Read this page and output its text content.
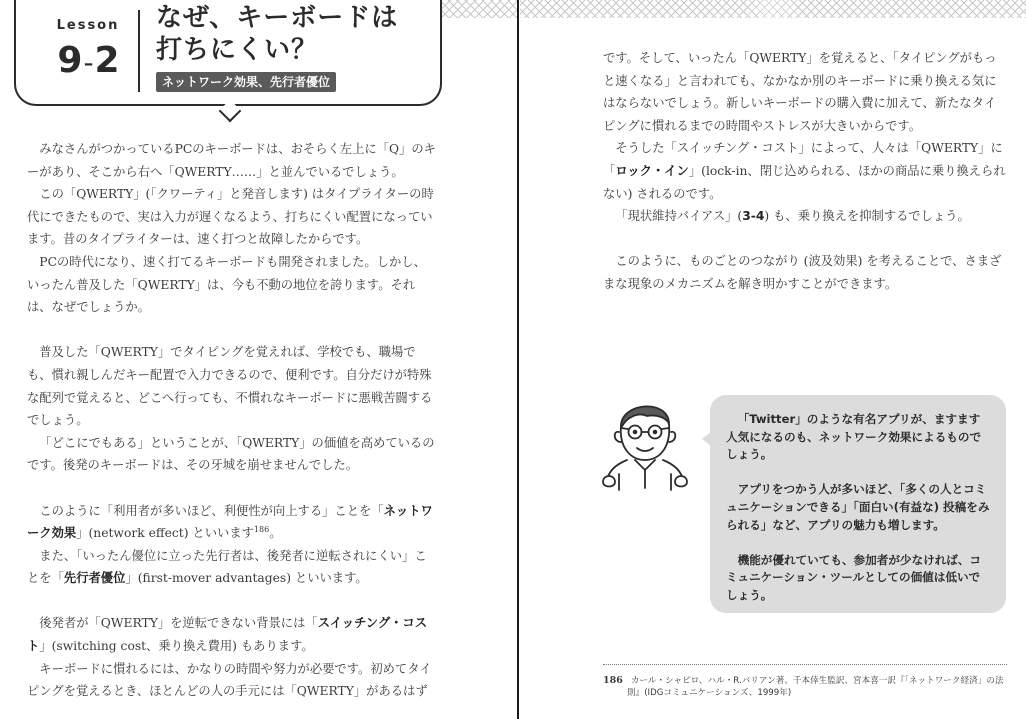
Lesson
9-2
なぜ、キーボードは
打ちにくい？
ネットワーク効果、先行者優位

みなさんがつかっているPCのキーボードは、おそらく左上に「Q」のキーがあり、そこから右へ「QWERTY……」と並んでいるでしょう。

この「QWERTY」(「クワーティ」と発音します) はタイプライターの時代にできたもので、実は入力が遅くなるよう、打ちにくい配置になっています。昔のタイプライターは、速く打つと故障したからです。

PCの時代になり、速く打てるキーボードも開発されました。しかし、いったん普及した「QWERTY」は、今も不動の地位を誇ります。それは、なぜでしょうか。

普及した「QWERTY」でタイピングを覚えれば、学校でも、職場でも、慣れ親しんだキー配置で入力できるので、便利です。自分だけが特殊な配列で覚えると、どこへ行っても、不慣れなキーボードに悪戦苦闘するでしょう。

「どこにでもある」ということが、「QWERTY」の価値を高めているのです。後発のキーボードは、その牙城を崩せませんでした。

このように「利用者が多いほど、利便性が向上する」ことを「ネットワーク効果」(network effect) といいます$^{186}$。

また、「いったん優位に立った先行者は、後発者に逆転されにくい」ことを「先行者優位」(first-mover advantages) といいます。

後発者が「QWERTY」を逆転できない背景には「スイッチング・コスト」(switching cost、乗り換え費用) もあります。

キーボードに慣れるには、かなりの時間や努力が必要です。初めてタイピングを覚えるとき、ほとんどの人の手元には「QWERTY」があるはず

です。そして、いったん「QWERTY」を覚えると、「タイピングがもっと速くなる」と言われても、なかなか別のキーボードに乗り換える気にはならないでしょう。新しいキーボードの購入費に加えて、新たなタイピングに慣れるまでの時間やストレスが大きいからです。

そうした「スイッチング・コスト」によって、人々は「QWERTY」に「ロック・イン」(lock-in、閉じ込められる、ほかの商品に乗り換えられない) されるのです。

「現状維持バイアス」(3-4) も、乗り換えを抑制するでしょう。

このように、ものごとのつながり (波及効果) を考えることで、さまざまな現象のメカニズムを解き明かすことができます。

「Twitter」のような有名アプリが、ますます人気になるのも、ネットワーク効果によるものでしょう。

アプリをつかう人が多いほど、「多くの人とコミュニケーションできる」「面白い(有益な) 投稿をみられる」など、アプリの魅力も増します。

機能が優れていても、参加者が少なければ、コミュニケーション・ツールとしての価値は低いでしょう。

186 カール・シャピロ、ハル・R.バリアン著、千本倖生監訳、宮本喜一訳『「ネットワーク経済」の法則』(IDGコミュニケーションズ、1999年)
